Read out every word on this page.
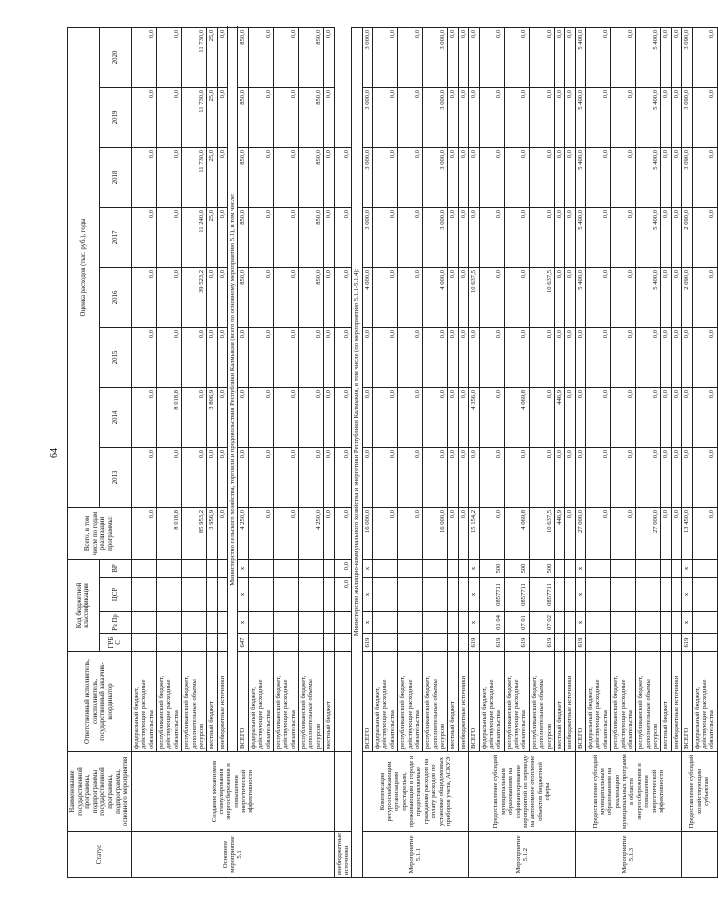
64
Статус	Наименование государственной программы, подпрограммы государственной программы, подпрограммы, основного мероприятия	Ответственный исполнитель, соисполнитель, государственный заказчик-координатор	Код бюджетной классификации				Всего, в том числе по годам реализации программы:	Оценка расходов (тыс. руб.), годы							
			ГРБ С	Рз Пр	ЦСР	ВР		2013	2014	2015	2016	2017	2018	2019	2020
Основное мероприятие 5.1	Создание механизмов стимулирования энергосбережения и повышения энергетической эффективности	федеральный бюджет, действующие расходные обязательства					0,0	0,0	0,0	0,0	0,0	0,0	0,0	0,0	0,0
		республиканский бюджет, действующие расходные обязательства					8 018,8	0,0	8 018,8	0,0	0,0	0,0	0,0	0,0	0,0
		республиканский бюджет, дополнительные объемы ресурсов					85 953,2	0,0	0,0	0,0	39 523,2	11 240,0	11 730,0	11 730,0	11 730,0
		местный бюджет					3 956,9	0,0	3 806,9	0,0	0,0	25,0	25,0	25,0	25,0
		внебюджетные источники					0,0	0,0	0,0	0,0	0,0	0,0	0,0	0,0	0,0
		Министерство сельского хозяйства, торговли и продовольствия Республики Калмыкия (всего по основному мероприятию 5.1), в том числе:													
		ВСЕГО	647	x	x	x	4 250,0	0,0	0,0	0,0	850,0	850,0	850,0	850,0	850,0
		федеральный бюджет, действующие расходные обязательства					0,0	0,0	0,0	0,0	0,0	0,0	0,0	0,0	0,0
		республиканский бюджет, действующие расходные обязательства					0,0	0,0	0,0	0,0	0,0	0,0	0,0	0,0	0,0
		республиканский бюджет, дополнительные объемы ресурсов					4 250,0	0,0	0,0	0,0	850,0	850,0	850,0	850,0	850,0
		местный бюджет					0,0	0,0	0,0	0,0	0,0	0,0	0,0	0,0	0,0
внебюджетные источники					0,0	0,0	0,0	0,0	0,0	0,0	0,0	0,0	0,0		
Министерство жилищно-коммунального хозяйства и энергетики Республики Калмыкия, в том числе (по мероприятию 5.1.1-5.1.4):															
Мероприятие 5.1.1	Компенсация ресурсоснабжающим организациям престарелым, проживающим в городе и предоставляемые гражданам расходов на оплату расходов по установке общедомовых приборов учета, АСКУЭ	ВСЕГО	619	x	x	x	16 000,0	0,0	0,0	0,0	4 000,0	3 000,0	3 000,0	3 000,0	3 000,0
		федеральный бюджет, действующие расходные обязательства					0,0	0,0	0,0	0,0	0,0	0,0	0,0	0,0	0,0
		республиканский бюджет, действующие расходные обязательства					0,0	0,0	0,0	0,0	0,0	0,0	0,0	0,0	0,0
		республиканский бюджет, дополнительные объемы ресурсов					16 000,0	0,0	0,0	0,0	4 000,0	3 000,0	3 000,0	3 000,0	3 000,0
		местный бюджет					0,0	0,0	0,0	0,0	0,0	0,0	0,0	0,0	0,0
		внебюджетные источники					0,0	0,0	0,0	0,0	0,0	0,0	0,0	0,0	0,0
Мероприятие 5.1.2	Предоставление субсидий муниципальным образованиям на софинансирование мероприятий по переводу на автономное отопление объектов бюджетной сферы	ВСЕГО	619	x	x	x	15 154,2	0,0	4 356,0	0,0	10 637,5	0,0	0,0	0,0	0,0
		федеральный бюджет, действующие расходные обязательства	619	01 04	0857711	500	0,0	0,0	0,0	0,0	0,0	0,0	0,0	0,0	0,0
		республиканский бюджет, действующие расходные обязательства	619	07 01	0857711	500	4 069,8	0,0	4 069,8	0,0	0,0	0,0	0,0	0,0	0,0
		республиканский бюджет, дополнительные объемы ресурсов	619	07 02	0857711	500	10 637,5	0,0	0,0	0,0	10 637,5	0,0	0,0	0,0	0,0
		местный бюджет					446,9	0,0	446,9	0,0	0,0	0,0	0,0	0,0	0,0
		внебюджетные источники					0,0	0,0	0,0	0,0	0,0	0,0	0,0	0,0	0,0
Мероприятие 5.1.3	Предоставление субсидий муниципальным образованиям на реализацию муниципальных программ в области энергосбережения и повышения энергетической эффективности	ВСЕГО	619	x	x	x	27 000,0	0,0	0,0	0,0	5 400,0	5 400,0	5 400,0	5 400,0	5 400,0
		федеральный бюджет, действующие расходные обязательства					0,0	0,0	0,0	0,0	0,0	0,0	0,0	0,0	0,0
		республиканский бюджет, действующие расходные обязательства					0,0	0,0	0,0	0,0	0,0	0,0	0,0	0,0	0,0
		республиканский бюджет, дополнительные объемы ресурсов					27 000,0	0,0	0,0	0,0	5 400,0	5 400,0	5 400,0	5 400,0	5 400,0
		местный бюджет					0,0	0,0	0,0	0,0	0,0	0,0	0,0	0,0	0,0
		внебюджетные источники					0,0	0,0	0,0	0,0	0,0	0,0	0,0	0,0	0,0
	Предоставление субсидий хозяйствующим субъектам	ВСЕГО	619	x	x	x	13 450,0	0,0	0,0	0,0	2 090,0	2 090,0	3 090,0	3 090,0	3 090,0
		федеральный бюджет, действующие расходные обязательства					0,0	0,0	0,0	0,0	0,0	0,0	0,0	0,0	0,0
